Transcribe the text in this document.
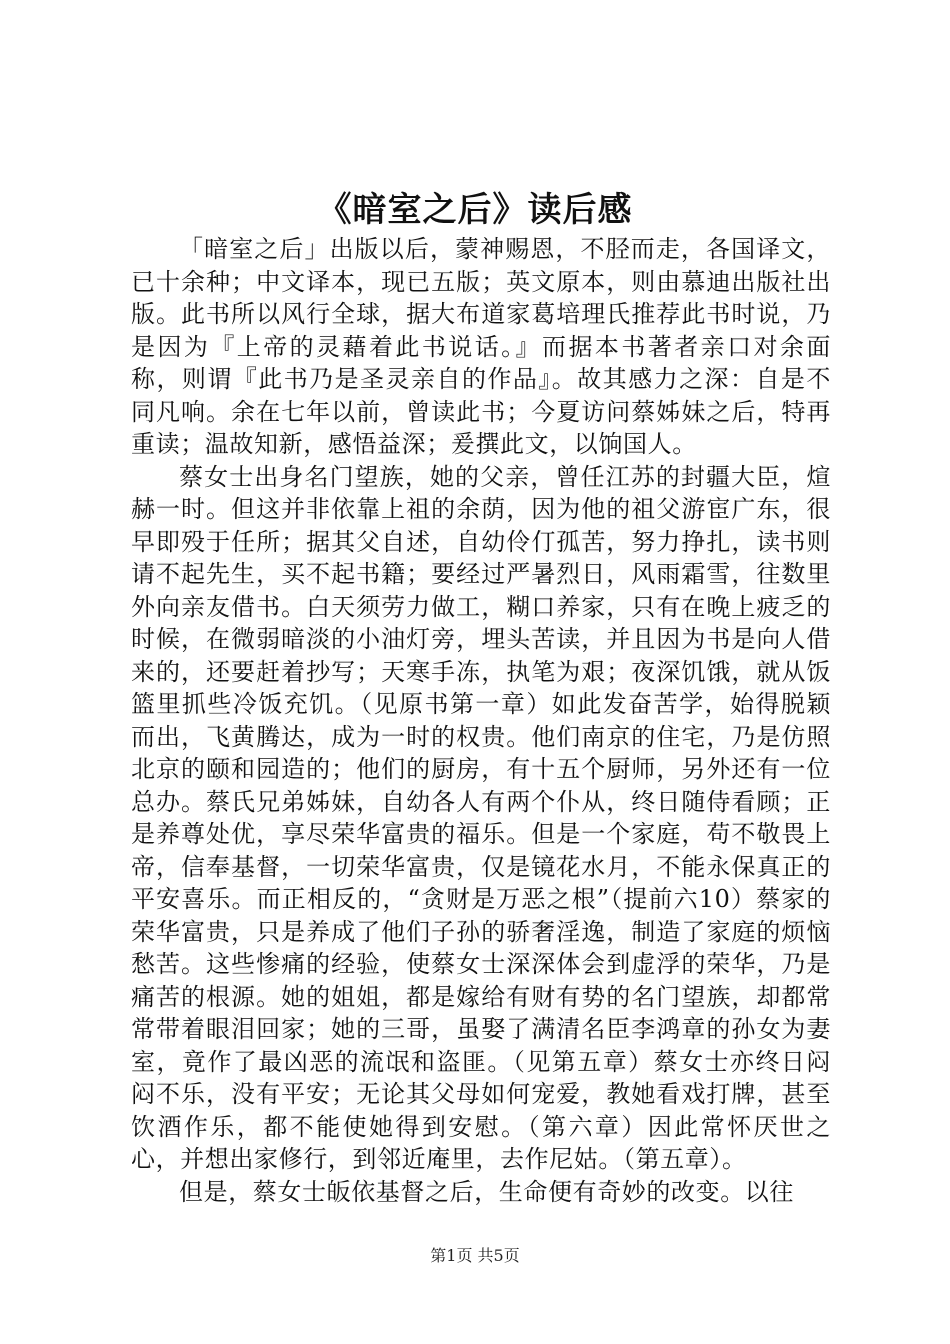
《暗室之后》读后感

「暗室之后」出版以后，蒙神赐恩，不胫而走，各国译文，已十余种；中文译本，现已五版；英文原本，则由慕迪出版社出版。此书所以风行全球，据大布道家葛培理氏推荐此书时说，乃是因为『上帝的灵藉着此书说话。』而据本书著者亲口对余面称，则谓『此书乃是圣灵亲自的作品』。故其感力之深：自是不同凡响。余在七年以前，曾读此书；今夏访问蔡姊妹之后，特再重读；温故知新，感悟益深；爰撰此文，以饷国人。

蔡女士出身名门望族，她的父亲，曾任江苏的封疆大臣，煊赫一时。但这并非依靠上祖的余荫，因为他的祖父游宦广东，很早即殁于任所；据其父自述，自幼伶仃孤苦，努力挣扎，读书则请不起先生，买不起书籍；要经过严暑烈日，风雨霜雪，往数里外向亲友借书。白天须劳力做工，糊口养家，只有在晚上疲乏的时候，在微弱暗淡的小油灯旁，埋头苦读，并且因为书是向人借来的，还要赶着抄写；天寒手冻，执笔为艰；夜深饥饿，就从饭篮里抓些冷饭充饥。（见原书第一章）如此发奋苦学，始得脱颖而出，飞黄腾达，成为一时的权贵。他们南京的住宅，乃是仿照北京的颐和园造的；他们的厨房，有十五个厨师，另外还有一位总办。蔡氏兄弟姊妹，自幼各人有两个仆从，终日随侍看顾；正是养尊处优，享尽荣华富贵的福乐。但是一个家庭，苟不敬畏上帝，信奉基督，一切荣华富贵，仅是镜花水月，不能永保真正的平安喜乐。而正相反的，“贪财是万恶之根”（提前六10）蔡家的荣华富贵，只是养成了他们子孙的骄奢淫逸，制造了家庭的烦恼愁苦。这些惨痛的经验，使蔡女士深深体会到虚浮的荣华，乃是痛苦的根源。她的姐姐，都是嫁给有财有势的名门望族，却都常常带着眼泪回家；她的三哥，虽娶了满清名臣李鸿章的孙女为妻室，竟作了最凶恶的流氓和盗匪。（见第五章）蔡女士亦终日闷闷不乐，没有平安；无论其父母如何宠爱，教她看戏打牌，甚至饮酒作乐，都不能使她得到安慰。（第六章）因此常怀厌世之心，并想出家修行，到邻近庵里，去作尼姑。（第五章）。

但是，蔡女士皈依基督之后，生命便有奇妙的改变。以往

第1页 共5页
